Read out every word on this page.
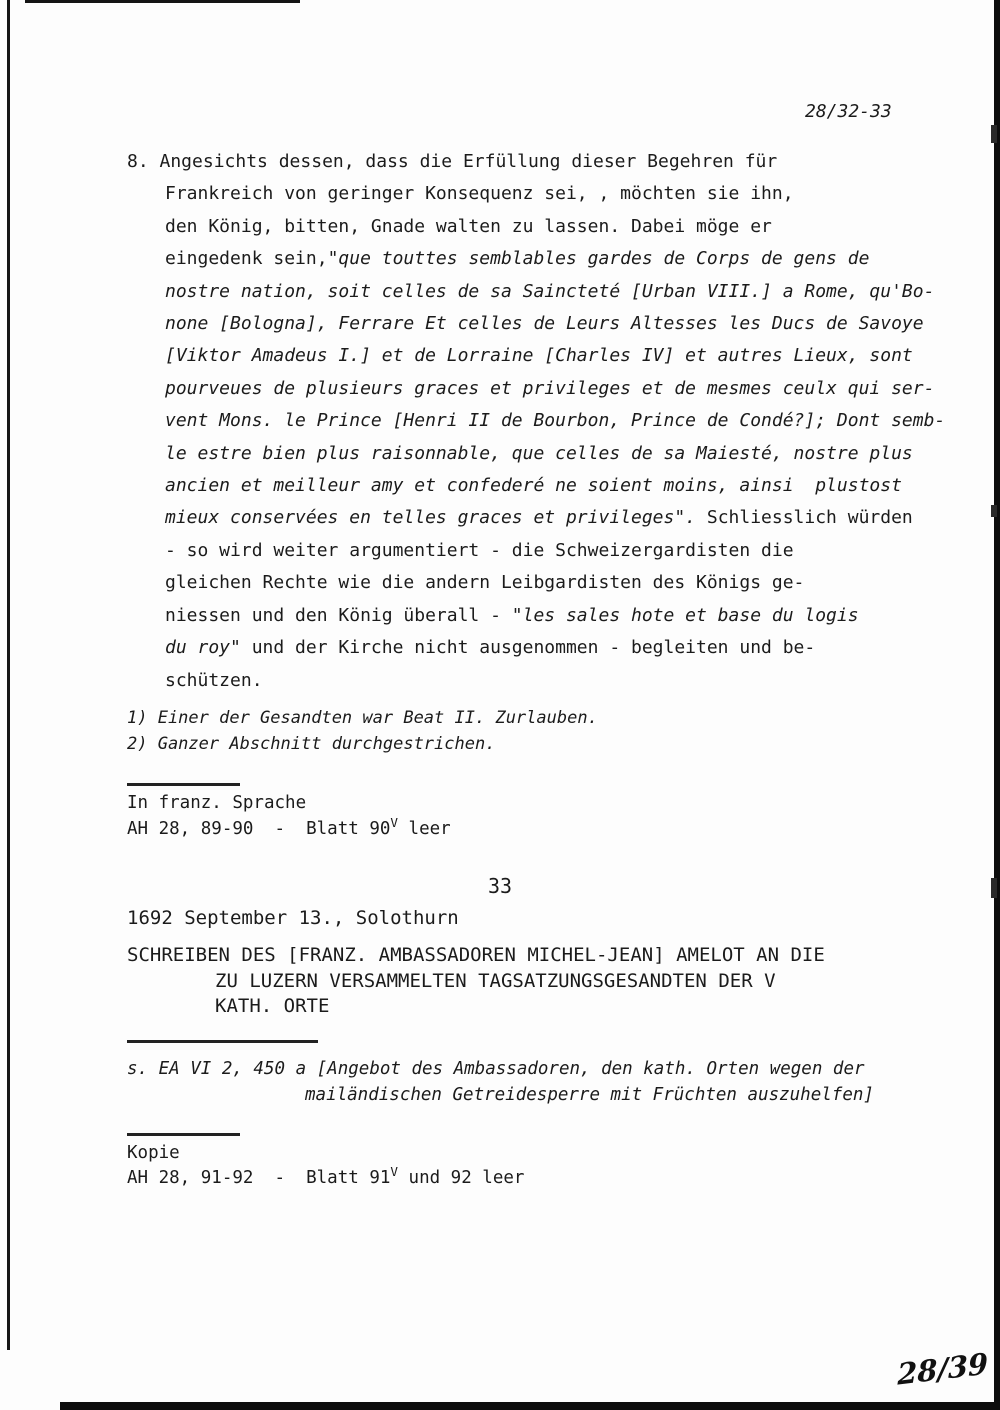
28/32-33
8. Angesichts dessen, dass die Erfüllung dieser Begehren für
Frankreich von geringer Konsequenz sei, , möchten sie ihn,
den König, bitten, Gnade walten zu lassen. Dabei möge er
eingedenk sein,"que touttes semblables gardes de Corps de gens de
nostre nation, soit celles de sa Saincteté [Urban VIII.] a Rome, qu'Bo-
none [Bologna], Ferrare Et celles de Leurs Altesses les Ducs de Savoye
[Viktor Amadeus I.] et de Lorraine [Charles IV] et autres Lieux, sont
pourveues de plusieurs graces et privileges et de mesmes ceulx qui ser-
vent Mons. le Prince [Henri II de Bourbon, Prince de Condé?]; Dont semb-
le estre bien plus raisonnable, que celles de sa Maiesté, nostre plus
ancien et meilleur amy et confederé ne soient moins, ainsi  plustost
mieux conservées en telles graces et privileges". Schliesslich würden
- so wird weiter argumentiert - die Schweizergardisten die
gleichen Rechte wie die andern Leibgardisten des Königs ge-
niessen und den König überall - "les sales hote et base du logis
du roy" und der Kirche nicht ausgenommen - begleiten und be-
schützen.
1) Einer der Gesandten war Beat II. Zurlauben.
2) Ganzer Abschnitt durchgestrichen.
In franz. Sprache
AH 28, 89-90  -  Blatt $90^V$ leer
33
1692 September 13., Solothurn
SCHREIBEN DES [FRANZ. AMBASSADOREN MICHEL-JEAN] AMELOT AN DIE
ZU LUZERN VERSAMMELTEN TAGSATZUNGSGESANDTEN DER V
KATH. ORTE
s. EA VI 2, 450 a [Angebot des Ambassadoren, den kath. Orten wegen der
mailändischen Getreidesperre mit Früchten auszuhelfen]
Kopie
AH 28, 91-92  -  Blatt $91^V$ und 92 leer
28/39
